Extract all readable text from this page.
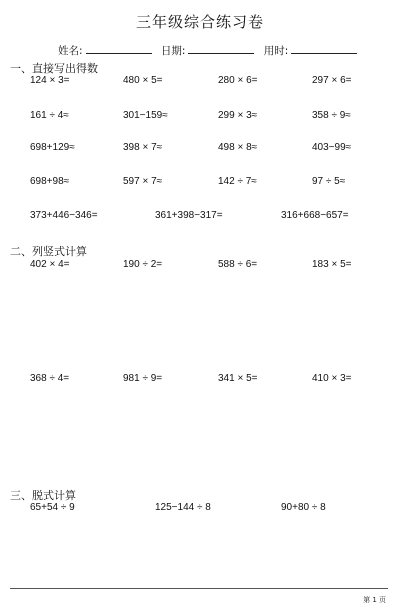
三年级综合练习卷
姓名:	日期:	用时:
一、直接写出得数
124 × 3=	480 × 5=	280 × 6=	297 × 6=
161 ÷ 4≈	301−159≈	299 × 3≈	358 ÷ 9≈
698+129≈	398 × 7≈	498 × 8≈	403−99≈
698+98≈	597 × 7≈	142 ÷ 7≈	97 ÷ 5≈
373+446−346=	361+398−317=	316+668−657=
二、列竖式计算
402 × 4=	190 ÷ 2=	588 ÷ 6=	183 × 5=
368 ÷ 4=	981 ÷ 9=	341 × 5=	410 × 3=
三、脱式计算
65+54 ÷ 9	125−144 ÷ 8	90+80 ÷ 8
第 1 页
